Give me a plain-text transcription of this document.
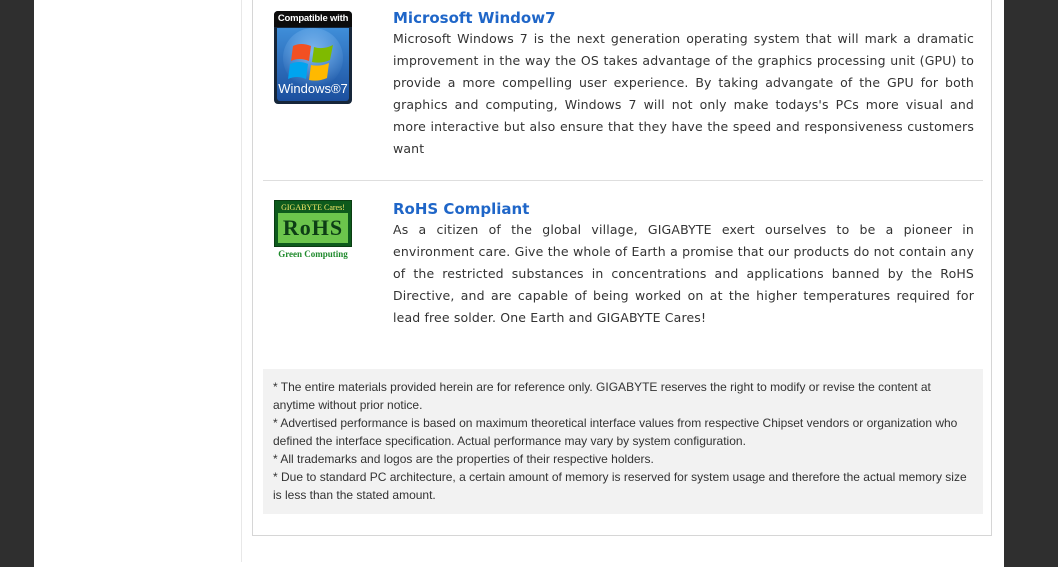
Compatible with
Windows®7
Microsoft Window7
Microsoft Windows 7 is the next generation operating system that will mark a dramatic improvement in the way the OS takes advantage of the graphics processing unit (GPU) to provide a more compelling user experience. By taking advangate of the GPU for both graphics and computing, Windows 7 will not only make todays's PCs more visual and more interactive but also ensure that they have the speed and responsiveness customers want
GIGABYTE Cares!
RoHS
Green Computing
RoHS Compliant
As a citizen of the global village, GIGABYTE exert ourselves to be a pioneer in environment care. Give the whole of Earth a promise that our products do not contain any of the restricted substances in concentrations and applications banned by the RoHS Directive, and are capable of being worked on at the higher temperatures required for lead free solder. One Earth and GIGABYTE Cares!

* The entire materials provided herein are for reference only. GIGABYTE reserves the right to modify or revise the content at anytime without prior notice.

* Advertised performance is based on maximum theoretical interface values from respective Chipset vendors or organization who defined the interface specification. Actual performance may vary by system configuration.

* All trademarks and logos are the properties of their respective holders.

* Due to standard PC architecture, a certain amount of memory is reserved for system usage and therefore the actual memory size is less than the stated amount.
